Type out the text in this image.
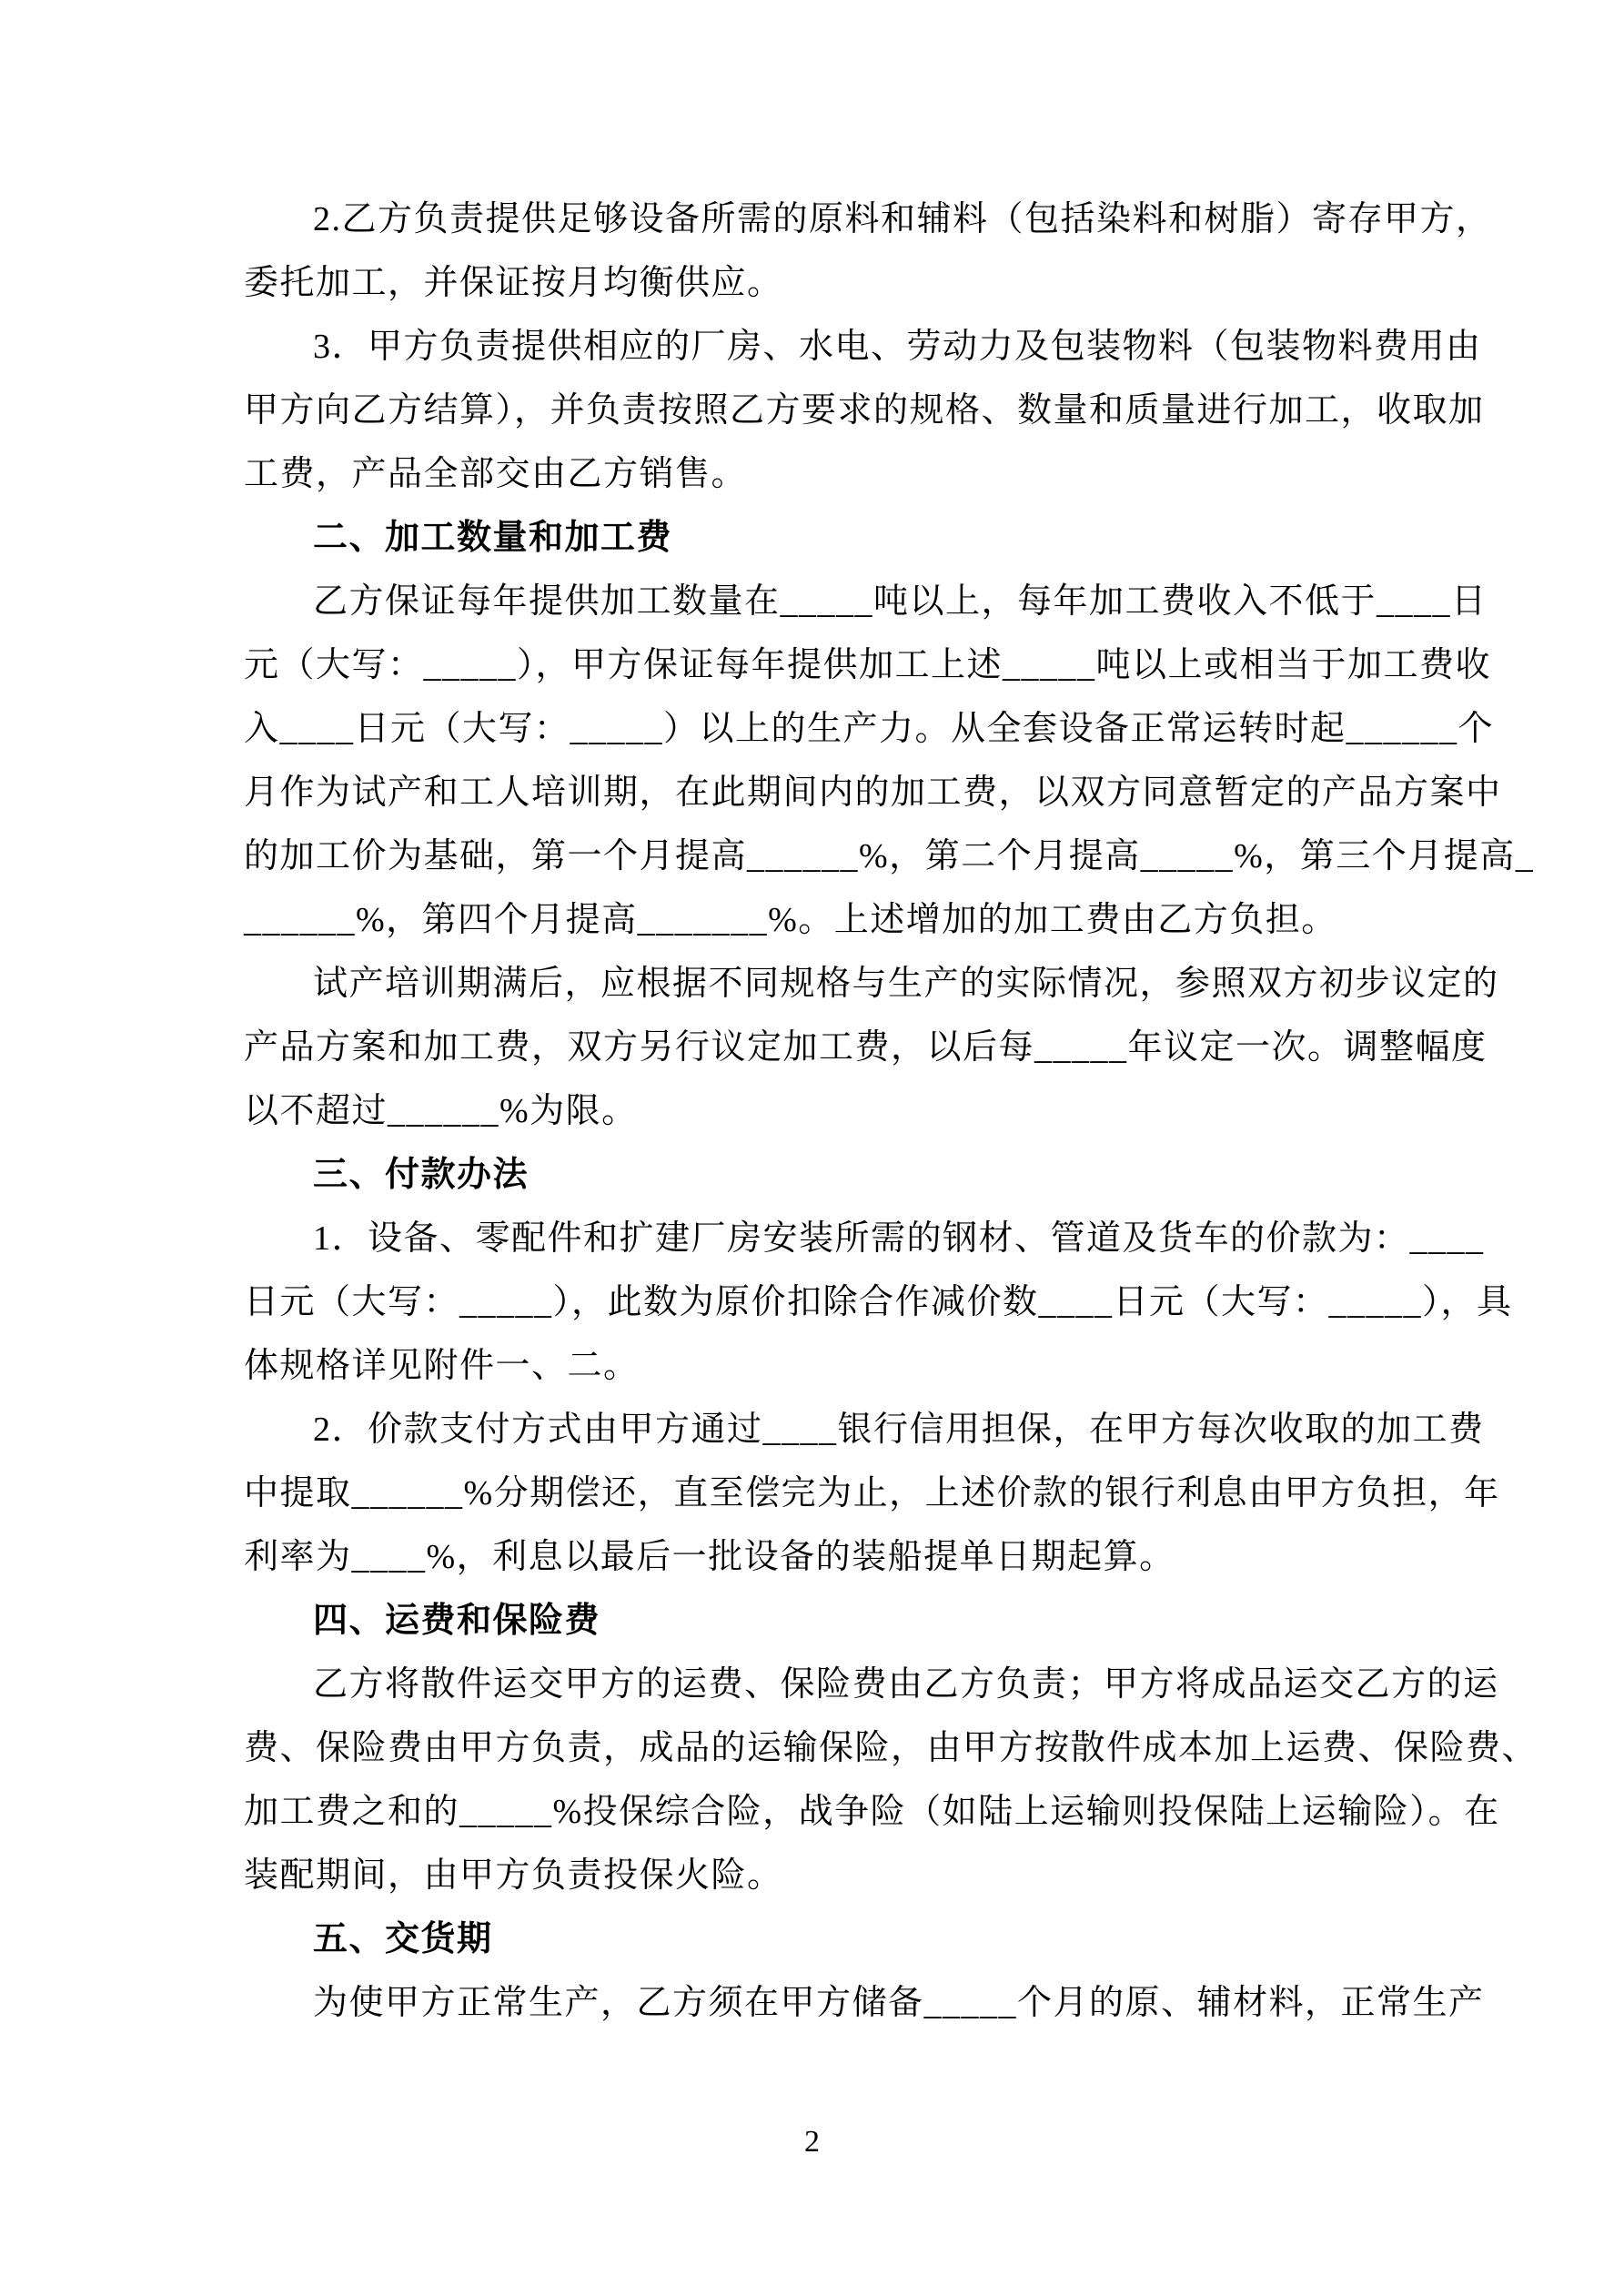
2.乙方负责提供足够设备所需的原料和辅料（包括染料和树脂）寄存甲方，
委托加工，并保证按月均衡供应。
3．甲方负责提供相应的厂房、水电、劳动力及包装物料（包装物料费用由
甲方向乙方结算），并负责按照乙方要求的规格、数量和质量进行加工，收取加
工费，产品全部交由乙方销售。
二、加工数量和加工费
乙方保证每年提供加工数量在_____吨以上，每年加工费收入不低于____日
元（大写：_____），甲方保证每年提供加工上述_____吨以上或相当于加工费收
入____日元（大写：_____）以上的生产力。从全套设备正常运转时起______个
月作为试产和工人培训期，在此期间内的加工费，以双方同意暂定的产品方案中
的加工价为基础，第一个月提高______%，第二个月提高_____%，第三个月提高_
______%，第四个月提高_______%。上述增加的加工费由乙方负担。
试产培训期满后，应根据不同规格与生产的实际情况，参照双方初步议定的
产品方案和加工费，双方另行议定加工费，以后每_____年议定一次。调整幅度
以不超过______%为限。
三、付款办法
1．设备、零配件和扩建厂房安装所需的钢材、管道及货车的价款为：____
日元（大写：_____），此数为原价扣除合作减价数____日元（大写：_____），具
体规格详见附件一、二。
2．价款支付方式由甲方通过____银行信用担保，在甲方每次收取的加工费
中提取______%分期偿还，直至偿完为止，上述价款的银行利息由甲方负担，年
利率为____%，利息以最后一批设备的装船提单日期起算。
四、运费和保险费
乙方将散件运交甲方的运费、保险费由乙方负责；甲方将成品运交乙方的运
费、保险费由甲方负责，成品的运输保险，由甲方按散件成本加上运费、保险费、
加工费之和的_____%投保综合险，战争险（如陆上运输则投保陆上运输险）。在
装配期间，由甲方负责投保火险。
五、交货期
为使甲方正常生产，乙方须在甲方储备_____个月的原、辅材料，正常生产
2
